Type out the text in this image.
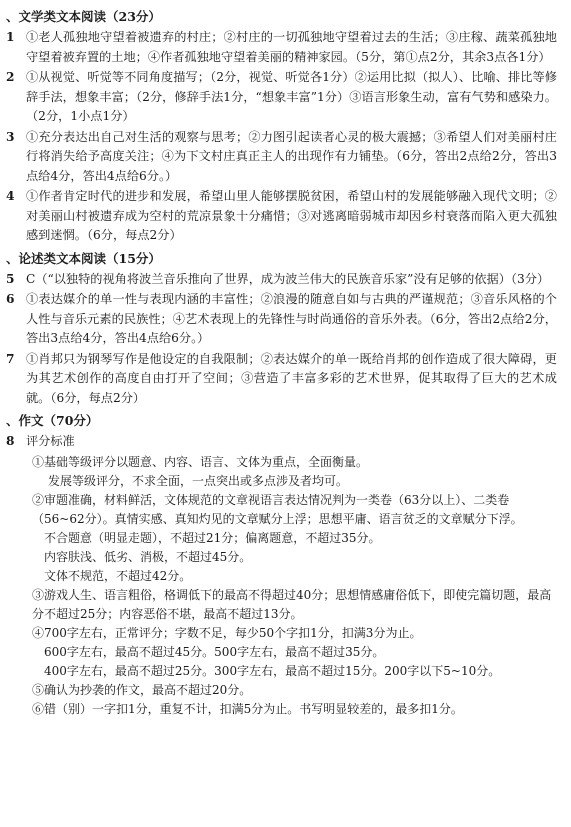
、文学类文本阅读（23分）
1 ①老人孤独地守望着被遗弃的村庄；②村庄的一切孤独地守望着过去的生活；③庄稼、蔬菜孤独地守望着被弃置的土地；④作者孤独地守望着美丽的精神家园。（5分，第①点2分，其余3点各1分）
2 ①从视觉、听觉等不同角度描写；（2分，视觉、听觉各1分）②运用比拟（拟人）、比喻、排比等修辞手法，想象丰富；（2分，修辞手法1分，“想象丰富”1分）③语言形象生动，富有气势和感染力。（2分，1小点1分）
3 ①充分表达出自己对生活的观察与思考；②力图引起读者心灵的极大震撼；③希望人们对美丽村庄行将消失给予高度关注；④为下文村庄真正主人的出现作有力铺垫。（6分，答出2点给2分，答出3点给4分，答出4点给6分。）
4 ①作者肯定时代的进步和发展，希望山里人能够摆脱贫困，希望山村的发展能够融入现代文明；②对美丽山村被遗弃成为空村的荒凉景象十分痛惜；③对逃离暗弱城市却因乡村衰落而陷入更大孤独感到迷惘。（6分，每点2分）
、论述类文本阅读（15分）
5 C（“以独特的视角将波兰音乐推向了世界，成为波兰伟大的民族音乐家”没有足够的依据）（3分）
6 ①表达媒介的单一性与表现内涵的丰富性；②浪漫的随意自如与古典的严谨规范；③音乐风格的个人性与音乐元素的民族性；④艺术表现上的先锋性与时尚通俗的音乐外表。（6分，答出2点给2分，答出3点给4分，答出4点给6分。）
7 ①肖邦只为钢琴写作是他设定的自我限制；②表达媒介的单一既给肖邦的创作造成了很大障碍，更为其艺术创作的高度自由打开了空间；③营造了丰富多彩的艺术世界，促其取得了巨大的艺术成就。（6分，每点2分）
、作文（70分）
8 评分标准
①基础等级评分以题意、内容、语言、文体为重点，全面衡量。
发展等级评分，不求全面，一点突出或多点涉及者均可。
②审题准确，材料鲜活，文体规范的文章视语言表达情况判为一类卷（63分以上）、二类卷（56~62分）。真情实感、真知灼见的文章赋分上浮；思想平庸、语言贫乏的文章赋分下浮。
不合题意（明显走题），不超过21分；偏离题意，不超过35分。
内容肤浅、低劣、消极，不超过45分。
文体不规范，不超过42分。
③游戏人生、语言粗俗，格调低下的最高不得超过40分；思想情感庸俗低下，即使完篇切题，最高分不超过25分；内容恶俗不堪，最高不超过13分。
④700字左右，正常评分；字数不足，每少50个字扣1分，扣满3分为止。
600字左右，最高不超过45分。500字左右，最高不超过35分。
400字左右，最高不超过25分。300字左右，最高不超过15分。200字以下5~10分。
⑤确认为抄袭的作文，最高不超过20分。
⑥错（别）一字扣1分，重复不计，扣满5分为止。书写明显较差的，最多扣1分。
